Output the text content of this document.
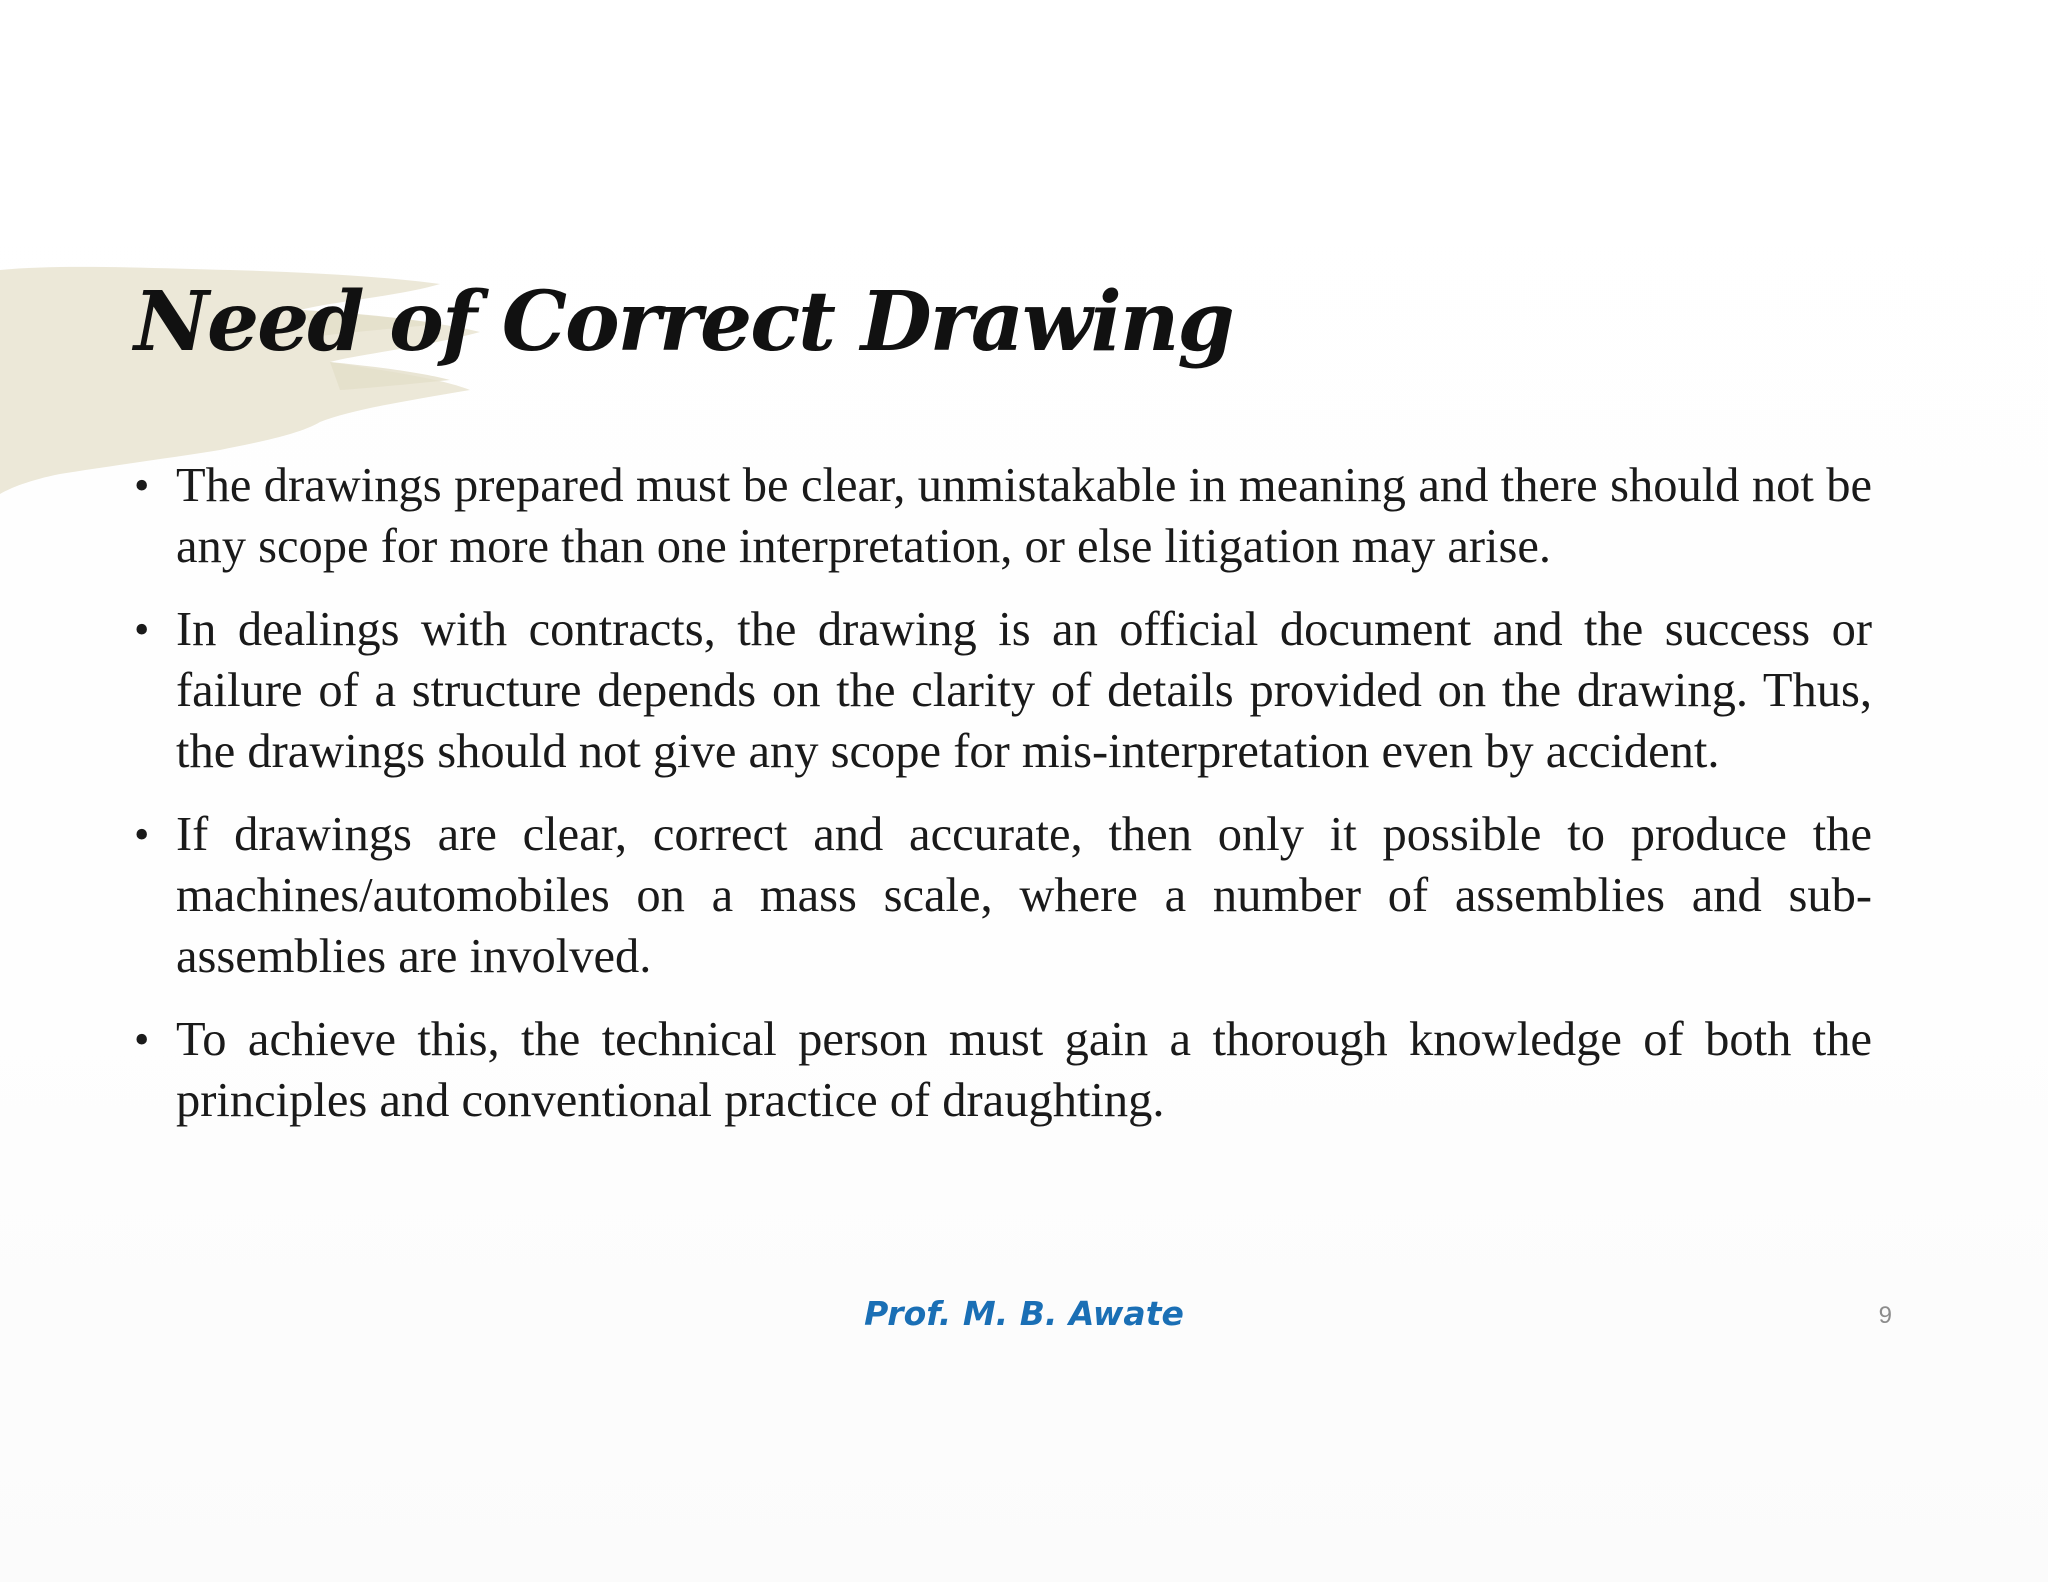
Need of Correct Drawing
• The drawings prepared must be clear, unmistakable in meaning and there should not be any scope for more than one interpretation, or else litigation may arise.
• In dealings with contracts, the drawing is an official document and the success or failure of a structure depends on the clarity of details provided on the drawing. Thus, the drawings should not give any scope for mis-interpretation even by accident.
• If drawings are clear, correct and accurate, then only it possible to produce the machines/automobiles on a mass scale, where a number of assemblies and sub-assemblies are involved.
• To achieve this, the technical person must gain a thorough knowledge of both the principles and conventional practice of draughting.
Prof. M. B. Awate	9
